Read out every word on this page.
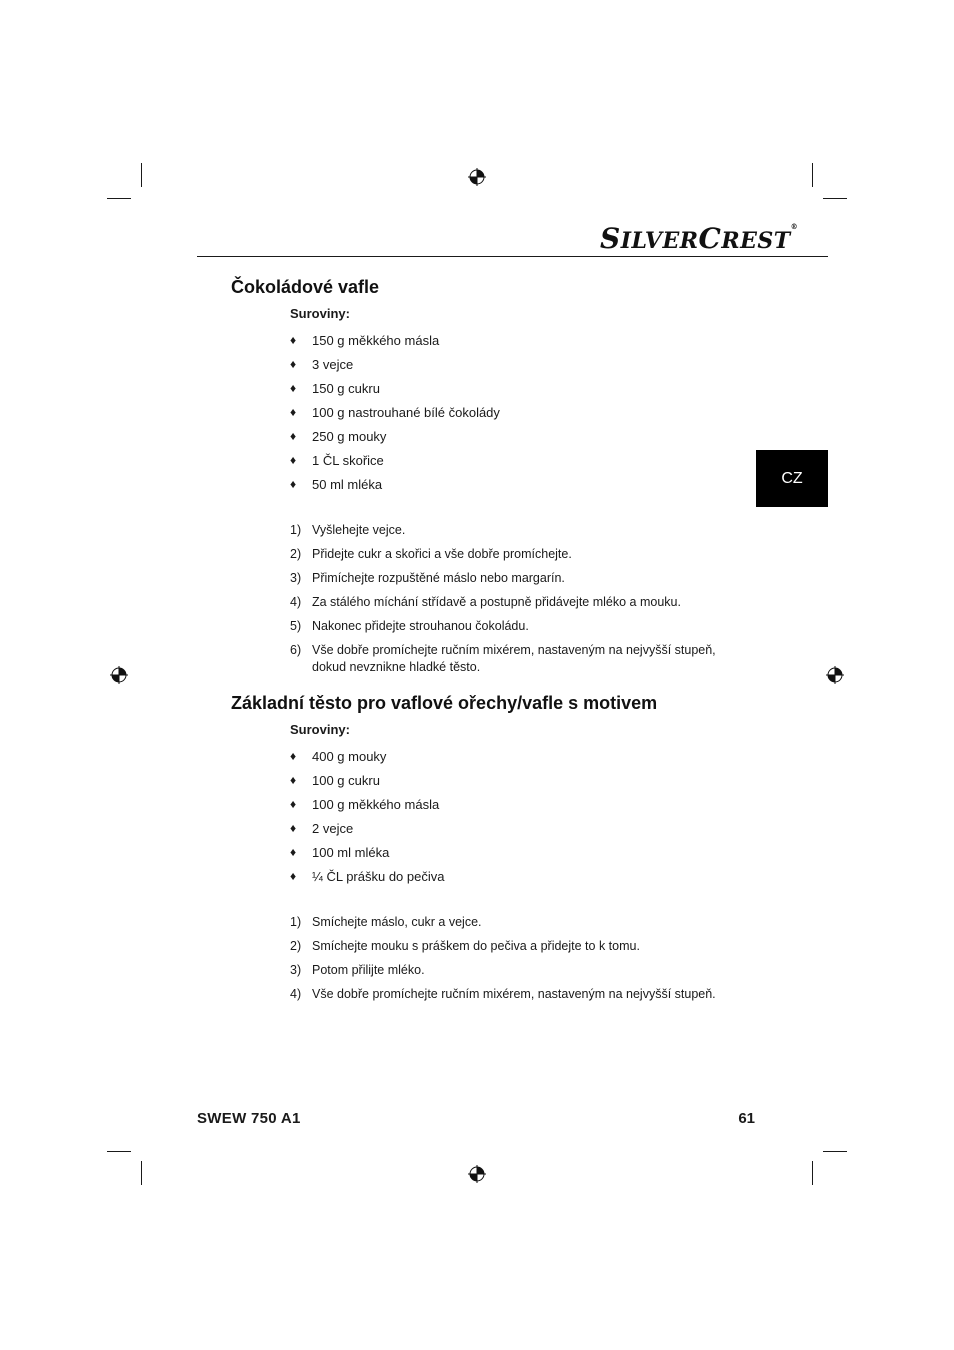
SILVERCREST®
CZ
Čokoládové vafle

Suroviny:

♦	150 g měkkého másla
♦	3 vejce
♦	150 g cukru
♦	100 g nastrouhané bílé čokolády
♦	250 g mouky
♦	1 ČL skořice
♦	50 ml mléka
1) Vyšlehejte vejce.
2) Přidejte cukr a skořici a vše dobře promíchejte.
3) Přimíchejte rozpuštěné máslo nebo margarín.
4) Za stálého míchání střídavě a postupně přidávejte mléko a mouku.
5) Nakonec přidejte strouhanou čokoládu.
6) Vše dobře promíchejte ručním mixérem, nastaveným na nejvyšší stupeň, dokud nevznikne hladké těsto.
Základní těsto pro vaflové ořechy/vafle s motivem

Suroviny:

♦	400 g mouky
♦	100 g cukru
♦	100 g měkkého másla
♦	2 vejce
♦	100 ml mléka
♦	¼ ČL prášku do pečiva
1) Smíchejte máslo, cukr a vejce.
2) Smíchejte mouku s práškem do pečiva a přidejte to k tomu.
3) Potom přilijte mléko.
4) Vše dobře promíchejte ručním mixérem, nastaveným na nejvyšší stupeň.
SWEW 750 A1	61
